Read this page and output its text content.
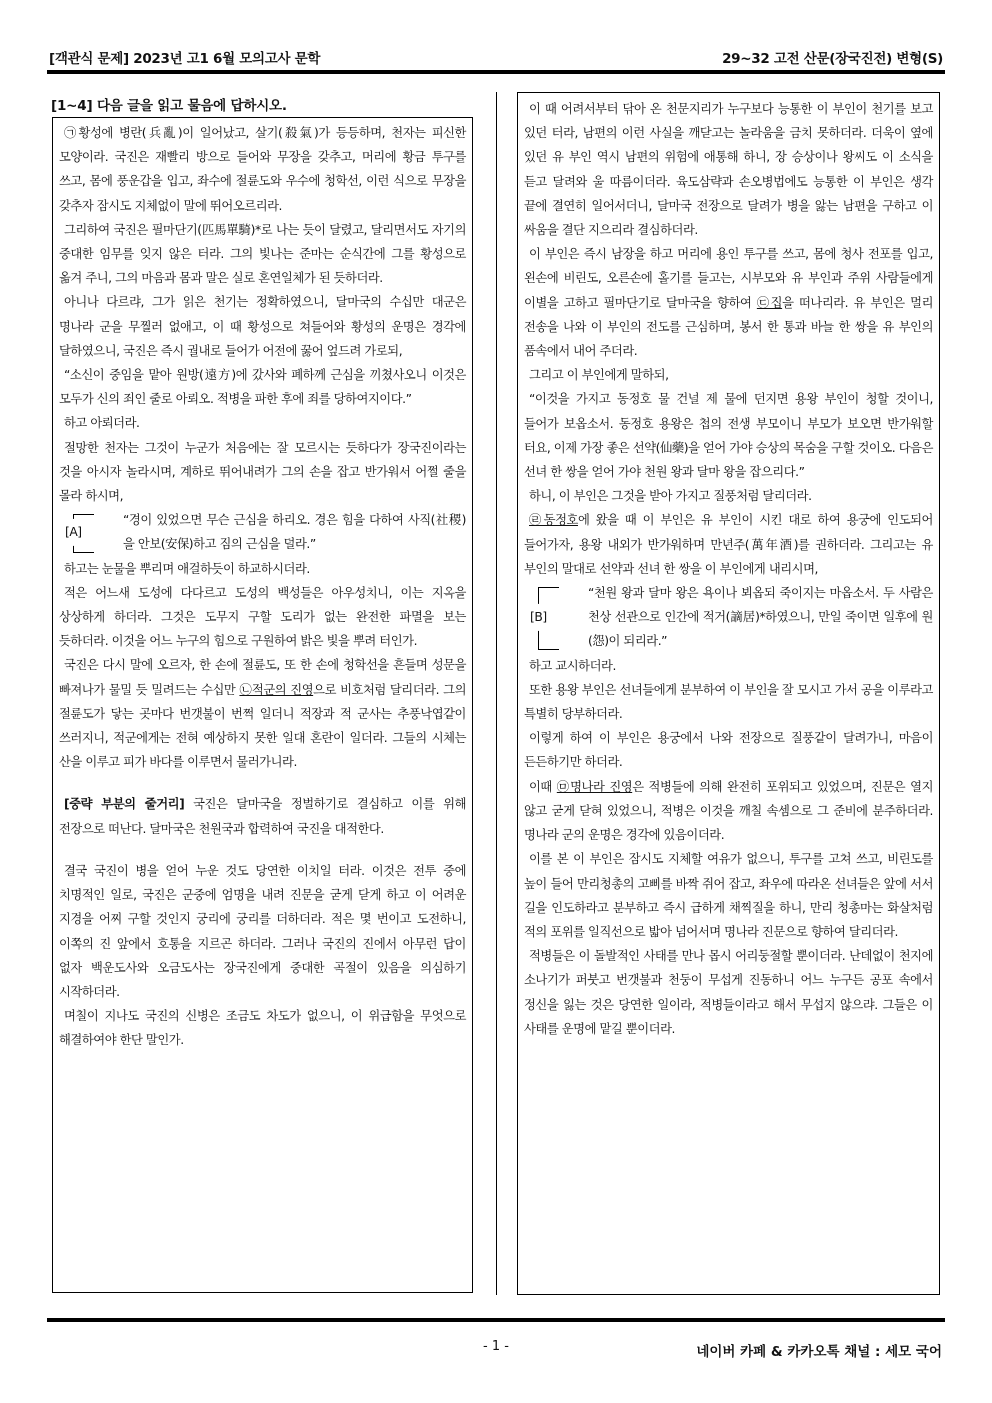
[객관식 문제] 2023년 고1 6월 모의고사 문학	29~32 고전 산문(장국진전) 변형(S)
[1~4] 다음 글을 읽고 물음에 답하시오.

㉠황성에 병란(兵亂)이 일어났고, 살기(殺氣)가 등등하며, 천자는 피신한 모양이라. 국진은 재빨리 방으로 들어와 무장을 갖추고, 머리에 황금 투구를 쓰고, 몸에 풍운갑을 입고, 좌수에 절륜도와 우수에 청학선, 이런 식으로 무장을 갖추자 잠시도 지체없이 말에 뛰어오르리라.

그리하여 국진은 필마단기(匹馬單騎)*로 나는 듯이 달렸고, 달리면서도 자기의 중대한 임무를 잊지 않은 터라. 그의 빛나는 준마는 순식간에 그를 황성으로 옮겨 주니, 그의 마음과 몸과 말은 실로 혼연일체가 된 듯하더라.

아니나 다르랴, 그가 읽은 천기는 정확하였으니, 달마국의 수십만 대군은 명나라 군을 무찔러 없애고, 이 때 황성으로 쳐들어와 황성의 운명은 경각에 달하였으니, 국진은 즉시 궐내로 들어가 어전에 꿇어 엎드려 가로되,

“소신이 중임을 맡아 원방(遠方)에 갔사와 폐하께 근심을 끼쳤사오니 이것은 모두가 신의 죄인 줄로 아뢰오. 적병을 파한 후에 죄를 당하여지이다.”

하고 아뢰더라.

절망한 천자는 그것이 누군가 처음에는 잘 모르시는 듯하다가 장국진이라는 것을 아시자 놀라시며, 계하로 뛰어내려가 그의 손을 잡고 반가워서 어쩔 줄을 몰라 하시며,

[A]

“경이 있었으면 무슨 근심을 하리오. 경은 힘을 다하여 사직(社稷)을 안보(安保)하고 짐의 근심을 덜라.”

하고는 눈물을 뿌리며 애걸하듯이 하교하시더라.

적은 어느새 도성에 다다르고 도성의 백성들은 아우성치니, 이는 지옥을 상상하게 하더라. 그것은 도무지 구할 도리가 없는 완전한 파멸을 보는 듯하더라. 이것을 어느 누구의 힘으로 구원하여 밝은 빛을 뿌려 터인가.

국진은 다시 말에 오르자, 한 손에 절륜도, 또 한 손에 청학선을 흔들며 성문을 빠져나가 물밀 듯 밀려드는 수십만 ㉡적군의 진영으로 비호처럼 달리더라. 그의 절륜도가 닿는 곳마다 번갯불이 번쩍 일더니 적장과 적 군사는 추풍낙엽같이 쓰러지니, 적군에게는 전혀 예상하지 못한 일대 혼란이 일더라. 그들의 시체는 산을 이루고 피가 바다를 이루면서 물러가니라.

[중략 부분의 줄거리] 국진은 달마국을 정벌하기로 결심하고 이를 위해 전장으로 떠난다. 달마국은 천원국과 합력하여 국진을 대적한다.

결국 국진이 병을 얻어 누운 것도 당연한 이치일 터라. 이것은 전투 중에 치명적인 일로, 국진은 군중에 엄명을 내려 진문을 굳게 닫게 하고 이 어려운 지경을 어찌 구할 것인지 궁리에 궁리를 더하더라. 적은 몇 번이고 도전하니, 이쪽의 진 앞에서 호통을 지르곤 하더라. 그러나 국진의 진에서 아무런 답이 없자 백운도사와 오금도사는 장국진에게 중대한 곡절이 있음을 의심하기 시작하더라.

며칠이 지나도 국진의 신병은 조금도 차도가 없으니, 이 위급함을 무엇으로 해결하여야 한단 말인가.

이 때 어려서부터 닦아 온 천문지리가 누구보다 능통한 이 부인이 천기를 보고 있던 터라, 남편의 이런 사실을 깨닫고는 놀라움을 금치 못하더라. 더욱이 옆에 있던 유 부인 역시 남편의 위험에 애통해 하니, 장 승상이나 왕씨도 이 소식을 듣고 달려와 울 따름이더라. 육도삼략과 손오병법에도 능통한 이 부인은 생각 끝에 결연히 일어서더니, 달마국 전장으로 달려가 병을 앓는 남편을 구하고 이 싸움을 결단 지으리라 결심하더라.

이 부인은 즉시 남장을 하고 머리에 용인 투구를 쓰고, 몸에 청사 전포를 입고, 왼손에 비린도, 오른손에 홀기를 들고는, 시부모와 유 부인과 주위 사람들에게 이별을 고하고 필마단기로 달마국을 향하여 ㉢집을 떠나리라. 유 부인은 멀리 전송을 나와 이 부인의 전도를 근심하며, 봉서 한 통과 바늘 한 쌍을 유 부인의 품속에서 내어 주더라.

그리고 이 부인에게 말하되,

“이것을 가지고 동정호 물 건널 제 물에 던지면 용왕 부인이 청할 것이니, 들어가 보옵소서. 동정호 용왕은 첩의 전생 부모이니 부모가 보오면 반가워할 터요, 이제 가장 좋은 선약(仙藥)을 얻어 가야 승상의 목숨을 구할 것이오. 다음은 선녀 한 쌍을 얻어 가야 천원 왕과 달마 왕을 잡으리다.”

하니, 이 부인은 그것을 받아 가지고 질풍처럼 달리더라.

㉣동정호에 왔을 때 이 부인은 유 부인이 시킨 대로 하여 용궁에 인도되어 들어가자, 용왕 내외가 반가워하며 만년주(萬年酒)를 권하더라. 그리고는 유 부인의 말대로 선약과 선녀 한 쌍을 이 부인에게 내리시며,

[B]

“천원 왕과 달마 왕은 욕이나 뵈옵되 죽이지는 마옵소서. 두 사람은 천상 선관으로 인간에 적거(謫居)*하였으니, 만일 죽이면 일후에 원(怨)이 되리라.”

하고 교시하더라.

또한 용왕 부인은 선녀들에게 분부하여 이 부인을 잘 모시고 가서 공을 이루라고 특별히 당부하더라.

이렇게 하여 이 부인은 용궁에서 나와 전장으로 질풍같이 달려가니, 마음이 든든하기만 하더라.

이때 ㉤명나라 진영은 적병들에 의해 완전히 포위되고 있었으며, 진문은 열지 않고 굳게 닫혀 있었으니, 적병은 이것을 깨칠 속셈으로 그 준비에 분주하더라. 명나라 군의 운명은 경각에 있음이더라.

이를 본 이 부인은 잠시도 지체할 여유가 없으니, 투구를 고쳐 쓰고, 비린도를 높이 들어 만리청총의 고삐를 바짝 쥐어 잡고, 좌우에 따라온 선녀들은 앞에 서서 길을 인도하라고 분부하고 즉시 급하게 채찍질을 하니, 만리 청총마는 화살처럼 적의 포위를 일직선으로 밟아 넘어서며 명나라 진문으로 향하여 달리더라.

적병들은 이 돌발적인 사태를 만나 몹시 어리둥절할 뿐이더라. 난데없이 천지에 소나기가 퍼붓고 번갯불과 천둥이 무섭게 진동하니 어느 누구든 공포 속에서 정신을 잃는 것은 당연한 일이라, 적병들이라고 해서 무섭지 않으랴. 그들은 이 사태를 운명에 맡길 뿐이더라.

- 1 -	네이버 카페 & 카카오톡 채널 : 세모 국어
